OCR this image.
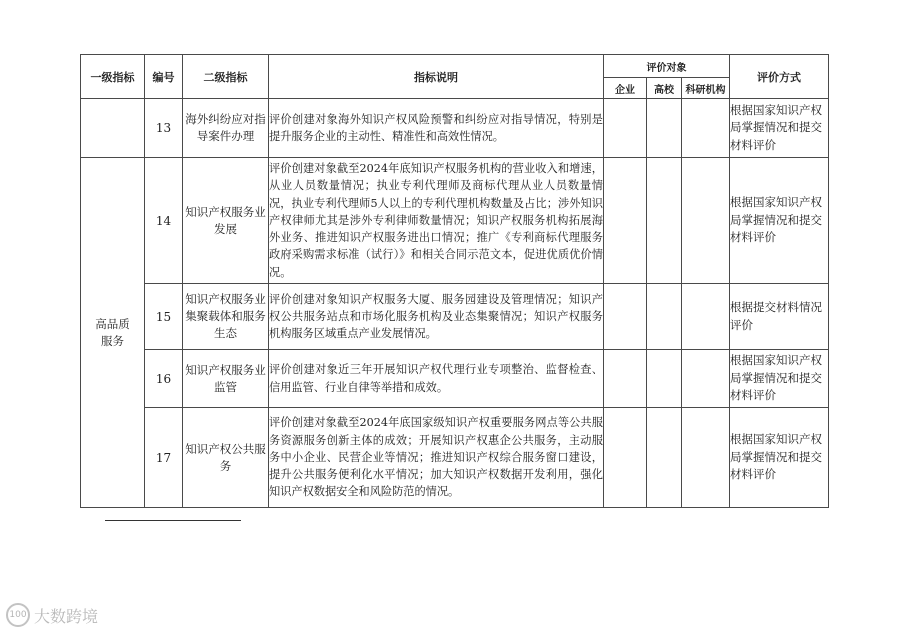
一级指标	编号	二级指标	指标说明	评价对象			评价方式
				企业	高校	科研机构	
	13	海外纠纷应对指导案件办理	评价创建对象海外知识产权风险预警和纠纷应对指导情况，特别是提升服务企业的主动性、精准性和高效性情况。				根据国家知识产权局掌握情况和提交材料评价
高品质服务	14	知识产权服务业发展	评价创建对象截至2024年底知识产权服务机构的营业收入和增速，从业人员数量情况；执业专利代理师及商标代理从业人员数量情况，执业专利代理师5人以上的专利代理机构数量及占比；涉外知识产权律师尤其是涉外专利律师数量情况；知识产权服务机构拓展海外业务、推进知识产权服务进出口情况；推广《专利商标代理服务政府采购需求标准（试行）》和相关合同示范文本，促进优质优价情况。				根据国家知识产权局掌握情况和提交材料评价
	15	知识产权服务业集聚载体和服务生态	评价创建对象知识产权服务大厦、服务园建设及管理情况；知识产权公共服务站点和市场化服务机构及业态集聚情况；知识产权服务机构服务区域重点产业发展情况。				根据提交材料情况评价
	16	知识产权服务业监管	评价创建对象近三年开展知识产权代理行业专项整治、监督检查、信用监管、行业自律等举措和成效。				根据国家知识产权局掌握情况和提交材料评价
	17	知识产权公共服务	评价创建对象截至2024年底国家级知识产权重要服务网点等公共服务资源服务创新主体的成效；开展知识产权惠企公共服务，主动服务中小企业、民营企业等情况；推进知识产权综合服务窗口建设，提升公共服务便利化水平情况；加大知识产权数据开发利用，强化知识产权数据安全和风险防范的情况。				根据国家知识产权局掌握情况和提交材料评价
100 大数跨境
